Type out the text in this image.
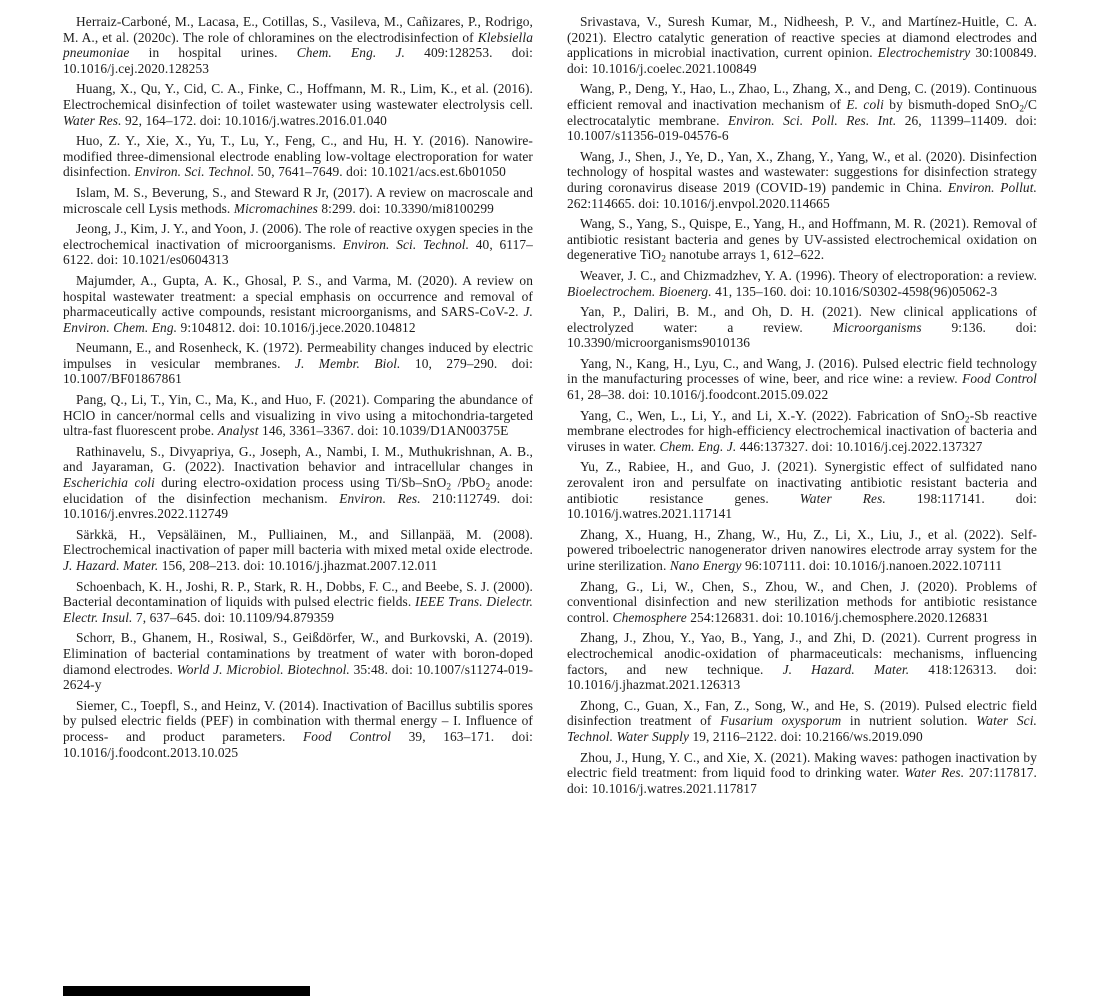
Herraiz-Carboné, M., Lacasa, E., Cotillas, S., Vasileva, M., Cañizares, P., Rodrigo, M. A., et al. (2020c). The role of chloramines on the electrodisinfection of Klebsiella pneumoniae in hospital urines. Chem. Eng. J. 409:128253. doi: 10.1016/j.cej.2020.128253

Huang, X., Qu, Y., Cid, C. A., Finke, C., Hoffmann, M. R., Lim, K., et al. (2016). Electrochemical disinfection of toilet wastewater using wastewater electrolysis cell. Water Res. 92, 164–172. doi: 10.1016/j.watres.2016.01.040

Huo, Z. Y., Xie, X., Yu, T., Lu, Y., Feng, C., and Hu, H. Y. (2016). Nanowire-modified three-dimensional electrode enabling low-voltage electroporation for water disinfection. Environ. Sci. Technol. 50, 7641–7649. doi: 10.1021/acs.est.6b01050

Islam, M. S., Beverung, S., and Steward R Jr, (2017). A review on macroscale and microscale cell Lysis methods. Micromachines 8:299. doi: 10.3390/mi8100299

Jeong, J., Kim, J. Y., and Yoon, J. (2006). The role of reactive oxygen species in the electrochemical inactivation of microorganisms. Environ. Sci. Technol. 40, 6117–6122. doi: 10.1021/es0604313

Majumder, A., Gupta, A. K., Ghosal, P. S., and Varma, M. (2020). A review on hospital wastewater treatment: a special emphasis on occurrence and removal of pharmaceutically active compounds, resistant microorganisms, and SARS-CoV-2. J. Environ. Chem. Eng. 9:104812. doi: 10.1016/j.jece.2020.104812

Neumann, E., and Rosenheck, K. (1972). Permeability changes induced by electric impulses in vesicular membranes. J. Membr. Biol. 10, 279–290. doi: 10.1007/BF01867861

Pang, Q., Li, T., Yin, C., Ma, K., and Huo, F. (2021). Comparing the abundance of HClO in cancer/normal cells and visualizing in vivo using a mitochondria-targeted ultra-fast fluorescent probe. Analyst 146, 3361–3367. doi: 10.1039/D1AN00375E

Rathinavelu, S., Divyapriya, G., Joseph, A., Nambi, I. M., Muthukrishnan, A. B., and Jayaraman, G. (2022). Inactivation behavior and intracellular changes in Escherichia coli during electro-oxidation process using Ti/Sb–SnO2 /PbO2 anode: elucidation of the disinfection mechanism. Environ. Res. 210:112749. doi: 10.1016/j.envres.2022.112749

Särkkä, H., Vepsäläinen, M., Pulliainen, M., and Sillanpää, M. (2008). Electrochemical inactivation of paper mill bacteria with mixed metal oxide electrode. J. Hazard. Mater. 156, 208–213. doi: 10.1016/j.jhazmat.2007.12.011

Schoenbach, K. H., Joshi, R. P., Stark, R. H., Dobbs, F. C., and Beebe, S. J. (2000). Bacterial decontamination of liquids with pulsed electric fields. IEEE Trans. Dielectr. Electr. Insul. 7, 637–645. doi: 10.1109/94.879359

Schorr, B., Ghanem, H., Rosiwal, S., Geißdörfer, W., and Burkovski, A. (2019). Elimination of bacterial contaminations by treatment of water with boron-doped diamond electrodes. World J. Microbiol. Biotechnol. 35:48. doi: 10.1007/s11274-019-2624-y

Siemer, C., Toepfl, S., and Heinz, V. (2014). Inactivation of Bacillus subtilis spores by pulsed electric fields (PEF) in combination with thermal energy – I. Influence of process- and product parameters. Food Control 39, 163–171. doi: 10.1016/j.foodcont.2013.10.025

Srivastava, V., Suresh Kumar, M., Nidheesh, P. V., and Martínez-Huitle, C. A. (2021). Electro catalytic generation of reactive species at diamond electrodes and applications in microbial inactivation, current opinion. Electrochemistry 30:100849. doi: 10.1016/j.coelec.2021.100849

Wang, P., Deng, Y., Hao, L., Zhao, L., Zhang, X., and Deng, C. (2019). Continuous efficient removal and inactivation mechanism of E. coli by bismuth-doped SnO2/C electrocatalytic membrane. Environ. Sci. Poll. Res. Int. 26, 11399–11409. doi: 10.1007/s11356-019-04576-6

Wang, J., Shen, J., Ye, D., Yan, X., Zhang, Y., Yang, W., et al. (2020). Disinfection technology of hospital wastes and wastewater: suggestions for disinfection strategy during coronavirus disease 2019 (COVID-19) pandemic in China. Environ. Pollut. 262:114665. doi: 10.1016/j.envpol.2020.114665

Wang, S., Yang, S., Quispe, E., Yang, H., and Hoffmann, M. R. (2021). Removal of antibiotic resistant bacteria and genes by UV-assisted electrochemical oxidation on degenerative TiO2 nanotube arrays 1, 612–622.

Weaver, J. C., and Chizmadzhev, Y. A. (1996). Theory of electroporation: a review. Bioelectrochem. Bioenerg. 41, 135–160. doi: 10.1016/S0302-4598(96)05062-3

Yan, P., Daliri, B. M., and Oh, D. H. (2021). New clinical applications of electrolyzed water: a review. Microorganisms 9:136. doi: 10.3390/microorganisms9010136

Yang, N., Kang, H., Lyu, C., and Wang, J. (2016). Pulsed electric field technology in the manufacturing processes of wine, beer, and rice wine: a review. Food Control 61, 28–38. doi: 10.1016/j.foodcont.2015.09.022

Yang, C., Wen, L., Li, Y., and Li, X.-Y. (2022). Fabrication of SnO2-Sb reactive membrane electrodes for high-efficiency electrochemical inactivation of bacteria and viruses in water. Chem. Eng. J. 446:137327. doi: 10.1016/j.cej.2022.137327

Yu, Z., Rabiee, H., and Guo, J. (2021). Synergistic effect of sulfidated nano zerovalent iron and persulfate on inactivating antibiotic resistant bacteria and antibiotic resistance genes. Water Res. 198:117141. doi: 10.1016/j.watres.2021.117141

Zhang, X., Huang, H., Zhang, W., Hu, Z., Li, X., Liu, J., et al. (2022). Self-powered triboelectric nanogenerator driven nanowires electrode array system for the urine sterilization. Nano Energy 96:107111. doi: 10.1016/j.nanoen.2022.107111

Zhang, G., Li, W., Chen, S., Zhou, W., and Chen, J. (2020). Problems of conventional disinfection and new sterilization methods for antibiotic resistance control. Chemosphere 254:126831. doi: 10.1016/j.chemosphere.2020.126831

Zhang, J., Zhou, Y., Yao, B., Yang, J., and Zhi, D. (2021). Current progress in electrochemical anodic-oxidation of pharmaceuticals: mechanisms, influencing factors, and new technique. J. Hazard. Mater. 418:126313. doi: 10.1016/j.jhazmat.2021.126313

Zhong, C., Guan, X., Fan, Z., Song, W., and He, S. (2019). Pulsed electric field disinfection treatment of Fusarium oxysporum in nutrient solution. Water Sci. Technol. Water Supply 19, 2116–2122. doi: 10.2166/ws.2019.090

Zhou, J., Hung, Y. C., and Xie, X. (2021). Making waves: pathogen inactivation by electric field treatment: from liquid food to drinking water. Water Res. 207:117817. doi: 10.1016/j.watres.2021.117817
